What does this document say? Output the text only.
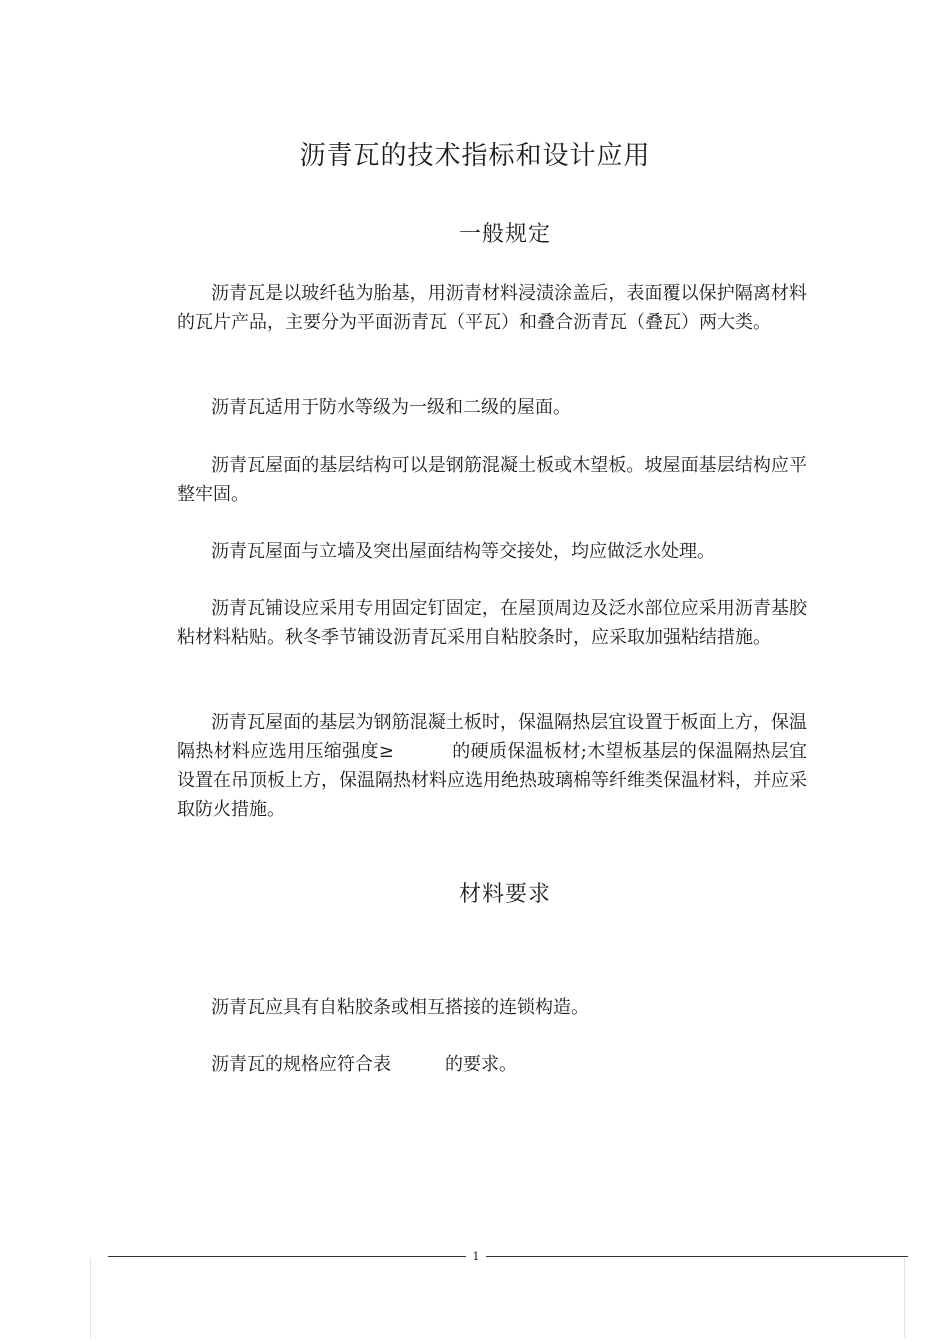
沥青瓦的技术指标和设计应用
一般规定

沥青瓦是以玻纤毡为胎基，用沥青材料浸渍涂盖后，表面覆以保护隔离材料的瓦片产品，主要分为平面沥青瓦（平瓦）和叠合沥青瓦（叠瓦）两大类。

沥青瓦适用于防水等级为一级和二级的屋面。

沥青瓦屋面的基层结构可以是钢筋混凝土板或木望板。坡屋面基层结构应平整牢固。

沥青瓦屋面与立墙及突出屋面结构等交接处，均应做泛水处理。

沥青瓦铺设应采用专用固定钉固定，在屋顶周边及泛水部位应采用沥青基胶粘材料粘贴。秋冬季节铺设沥青瓦采用自粘胶条时，应采取加强粘结措施。

沥青瓦屋面的基层为钢筋混凝土板时，保温隔热层宜设置于板面上方，保温隔热材料应选用压缩强度≥	的硬质保温板材;木望板基层的保温隔热层宜设置在吊顶板上方，保温隔热材料应选用绝热玻璃棉等纤维类保温材料，并应采取防火措施。

材料要求

沥青瓦应具有自粘胶条或相互搭接的连锁构造。

沥青瓦的规格应符合表	的要求。

1
